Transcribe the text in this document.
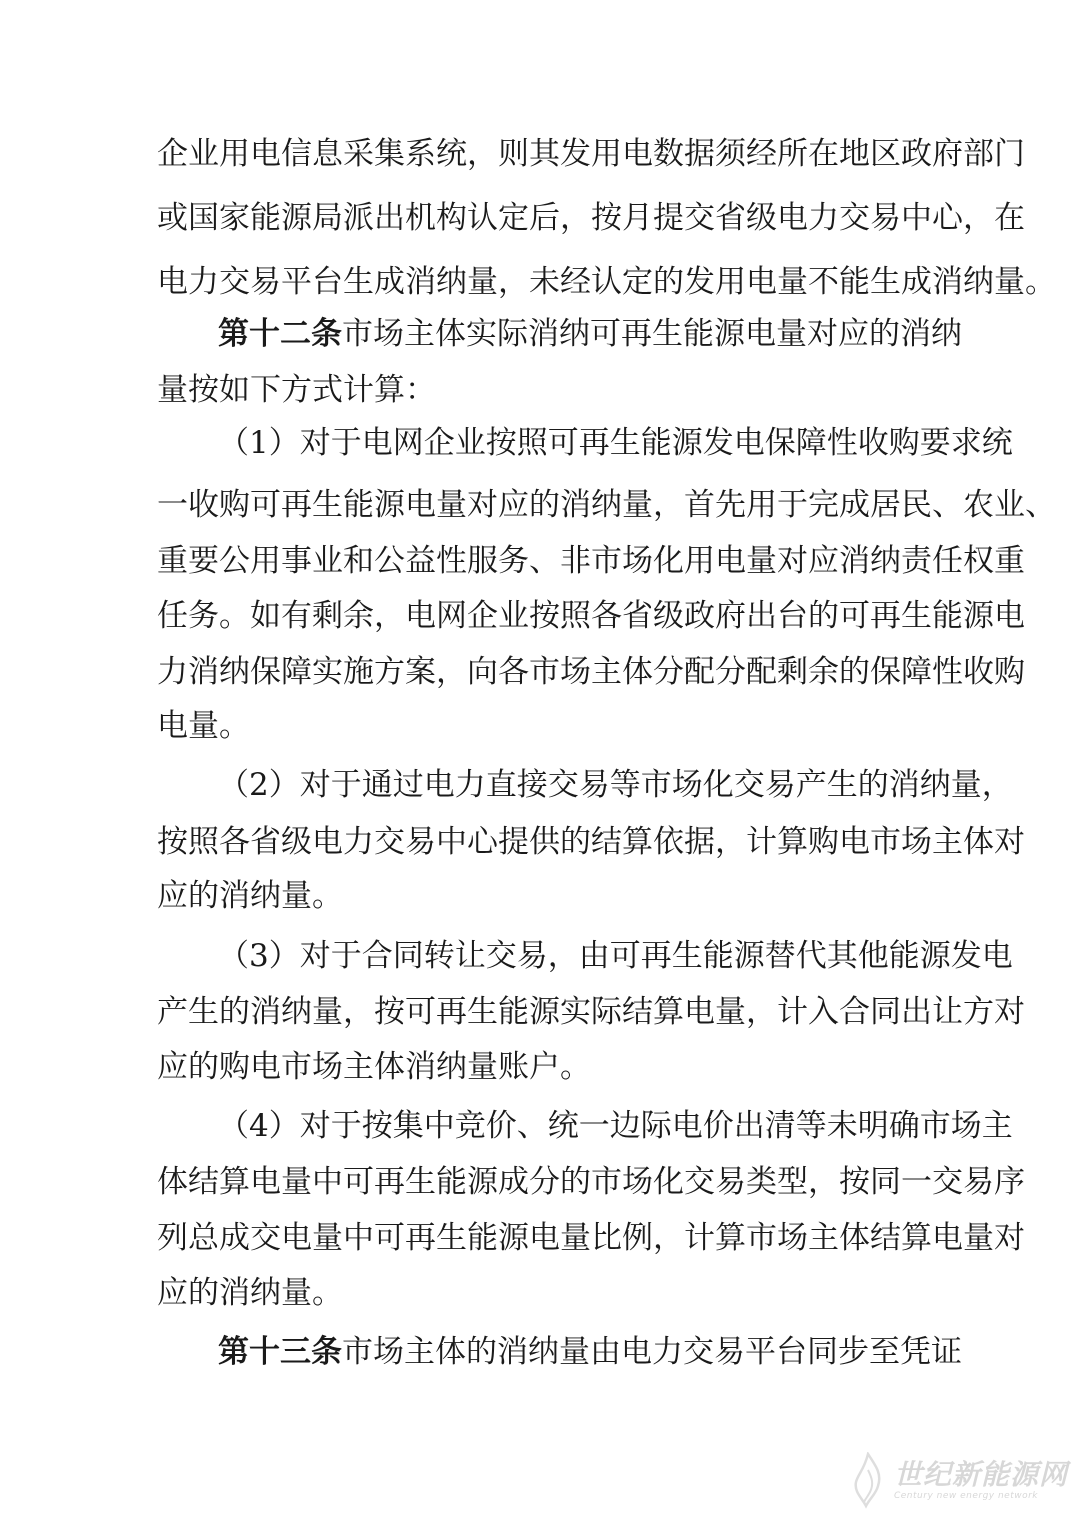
企业用电信息采集系统，则其发用电数据须经所在地区政府部门
或国家能源局派出机构认定后，按月提交省级电力交易中心，在
电力交易平台生成消纳量，未经认定的发用电量不能生成消纳量。
第十二条市场主体实际消纳可再生能源电量对应的消纳
量按如下方式计算：
（1）对于电网企业按照可再生能源发电保障性收购要求统
一收购可再生能源电量对应的消纳量，首先用于完成居民、农业、
重要公用事业和公益性服务、非市场化用电量对应消纳责任权重
任务。如有剩余，电网企业按照各省级政府出台的可再生能源电
力消纳保障实施方案，向各市场主体分配分配剩余的保障性收购
电量。
（2）对于通过电力直接交易等市场化交易产生的消纳量，
按照各省级电力交易中心提供的结算依据，计算购电市场主体对
应的消纳量。
（3）对于合同转让交易，由可再生能源替代其他能源发电
产生的消纳量，按可再生能源实际结算电量，计入合同出让方对
应的购电市场主体消纳量账户。
（4）对于按集中竞价、统一边际电价出清等未明确市场主
体结算电量中可再生能源成分的市场化交易类型，按同一交易序
列总成交电量中可再生能源电量比例，计算市场主体结算电量对
应的消纳量。
第十三条市场主体的消纳量由电力交易平台同步至凭证
世纪新能源网
Century new energy network
